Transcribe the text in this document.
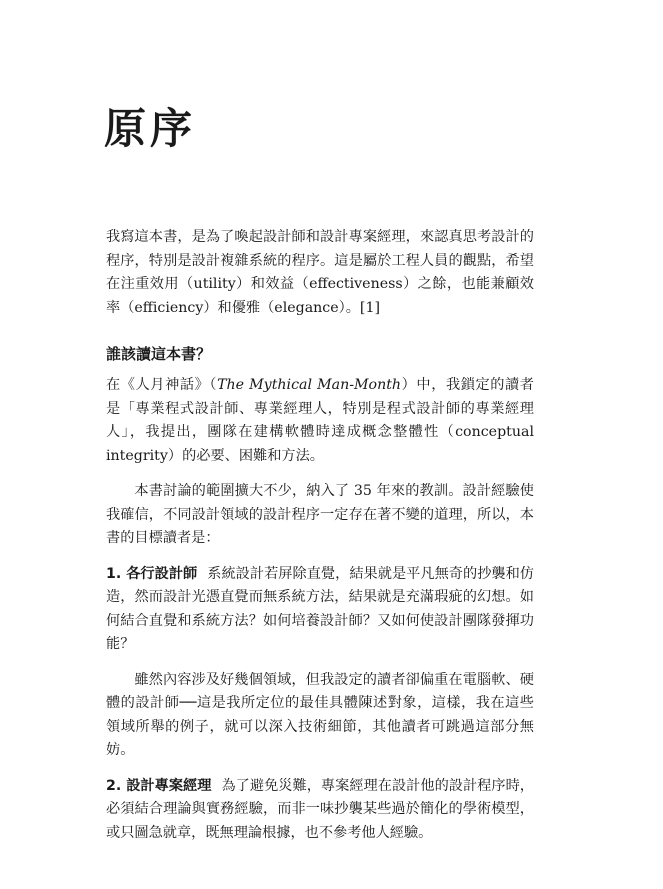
原序

我寫這本書，是為了喚起設計師和設計專案經理，來認真思考設計的程序，特別是設計複雜系統的程序。這是屬於工程人員的觀點，希望在注重效用（utility）和效益（effectiveness）之餘，也能兼顧效率（efficiency）和優雅（elegance）。[1]

誰該讀這本書？

在《人月神話》（The Mythical Man-Month）中，我鎖定的讀者是「專業程式設計師、專業經理人，特別是程式設計師的專業經理人」，我提出，團隊在建構軟體時達成概念整體性（conceptual integrity）的必要、困難和方法。

本書討論的範圍擴大不少，納入了 35 年來的教訓。設計經驗使我確信，不同設計領域的設計程序一定存在著不變的道理，所以，本書的目標讀者是：

1. 各行設計師 系統設計若屏除直覺，結果就是平凡無奇的抄襲和仿造，然而設計光憑直覺而無系統方法，結果就是充滿瑕疵的幻想。如何結合直覺和系統方法？如何培養設計師？又如何使設計團隊發揮功能？

雖然內容涉及好幾個領域，但我設定的讀者卻偏重在電腦軟、硬體的設計師──這是我所定位的最佳具體陳述對象，這樣，我在這些領域所舉的例子，就可以深入技術細節，其他讀者可跳過這部分無妨。

2. 設計專案經理 為了避免災難，專案經理在設計他的設計程序時，必須結合理論與實務經驗，而非一味抄襲某些過於簡化的學術模型，或只圖急就章，既無理論根據，也不參考他人經驗。
